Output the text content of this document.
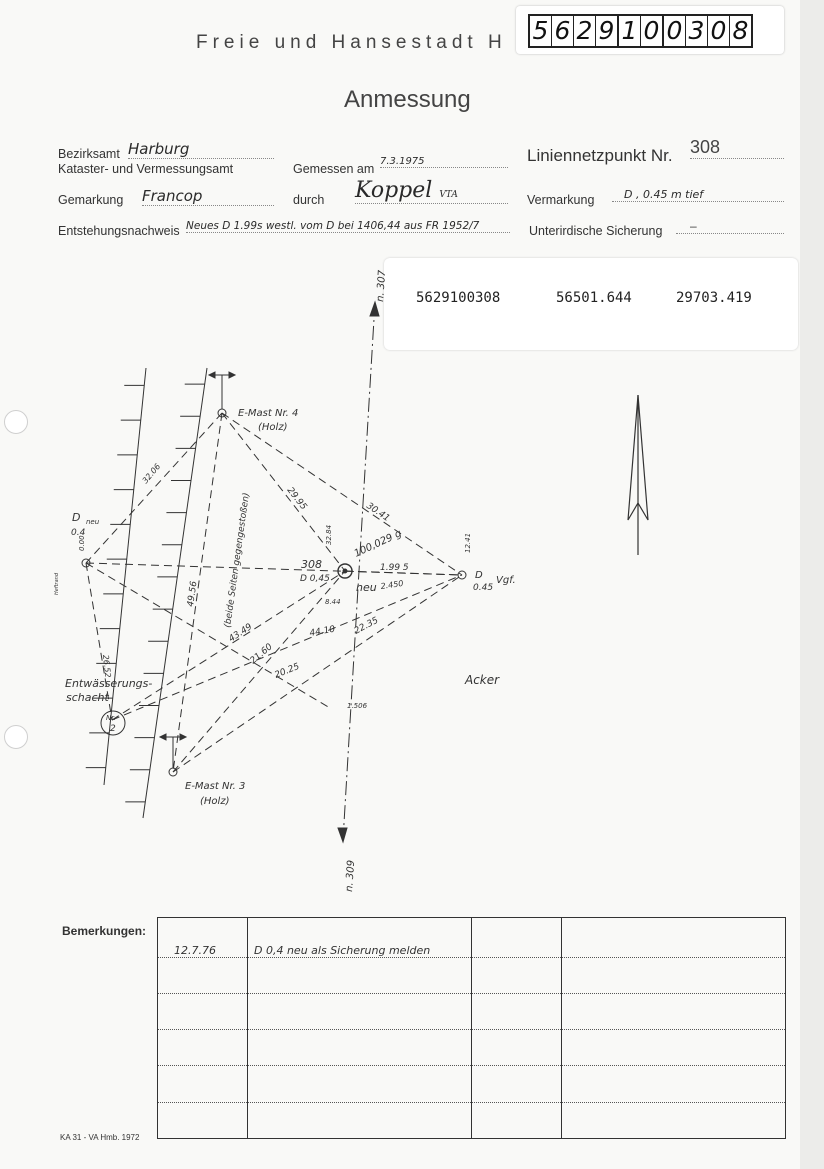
Freie und Hansestadt H
Anmessung
5 6 2 9 1 0 0 3 0 8
Bezirksamt Harburg
Kataster- und Vermessungsamt	Gemessen am
7.3.1975	Liniennetzpunkt Nr. 308
Gemarkung Francop	durch Koppel VTA	Vermarkung	D , 0.45 m tief
Entstehungsnachweis Neues D 1.99s westl. vom D bei 1406,44 aus FR 1952/7	Unterirdische Sicherung	–
5629100308	56501.644	29703.419
n. 307
n. 309
308
D 0,45
neu
100,029 g
D
0.45
Vgf.
D neu
0.4
E-Mast Nr. 4
(Holz)
E-Mast Nr. 3
(Holz)
Entwässerungs-
schacht
Nr.
2
Heftrand
Acker
(beide Seiten gegengestoßen)
49.56
32.06
29.95
30.41
1.99 5
2.450
43.49	44.10 22.35
21.60
20.25
26.52
8.44
1.506
32.84	12.41
0.00
Bemerkungen:
12.7.76	D 0,4 neu als Sicherung melden		

KA 31 - VA Hmb. 1972
